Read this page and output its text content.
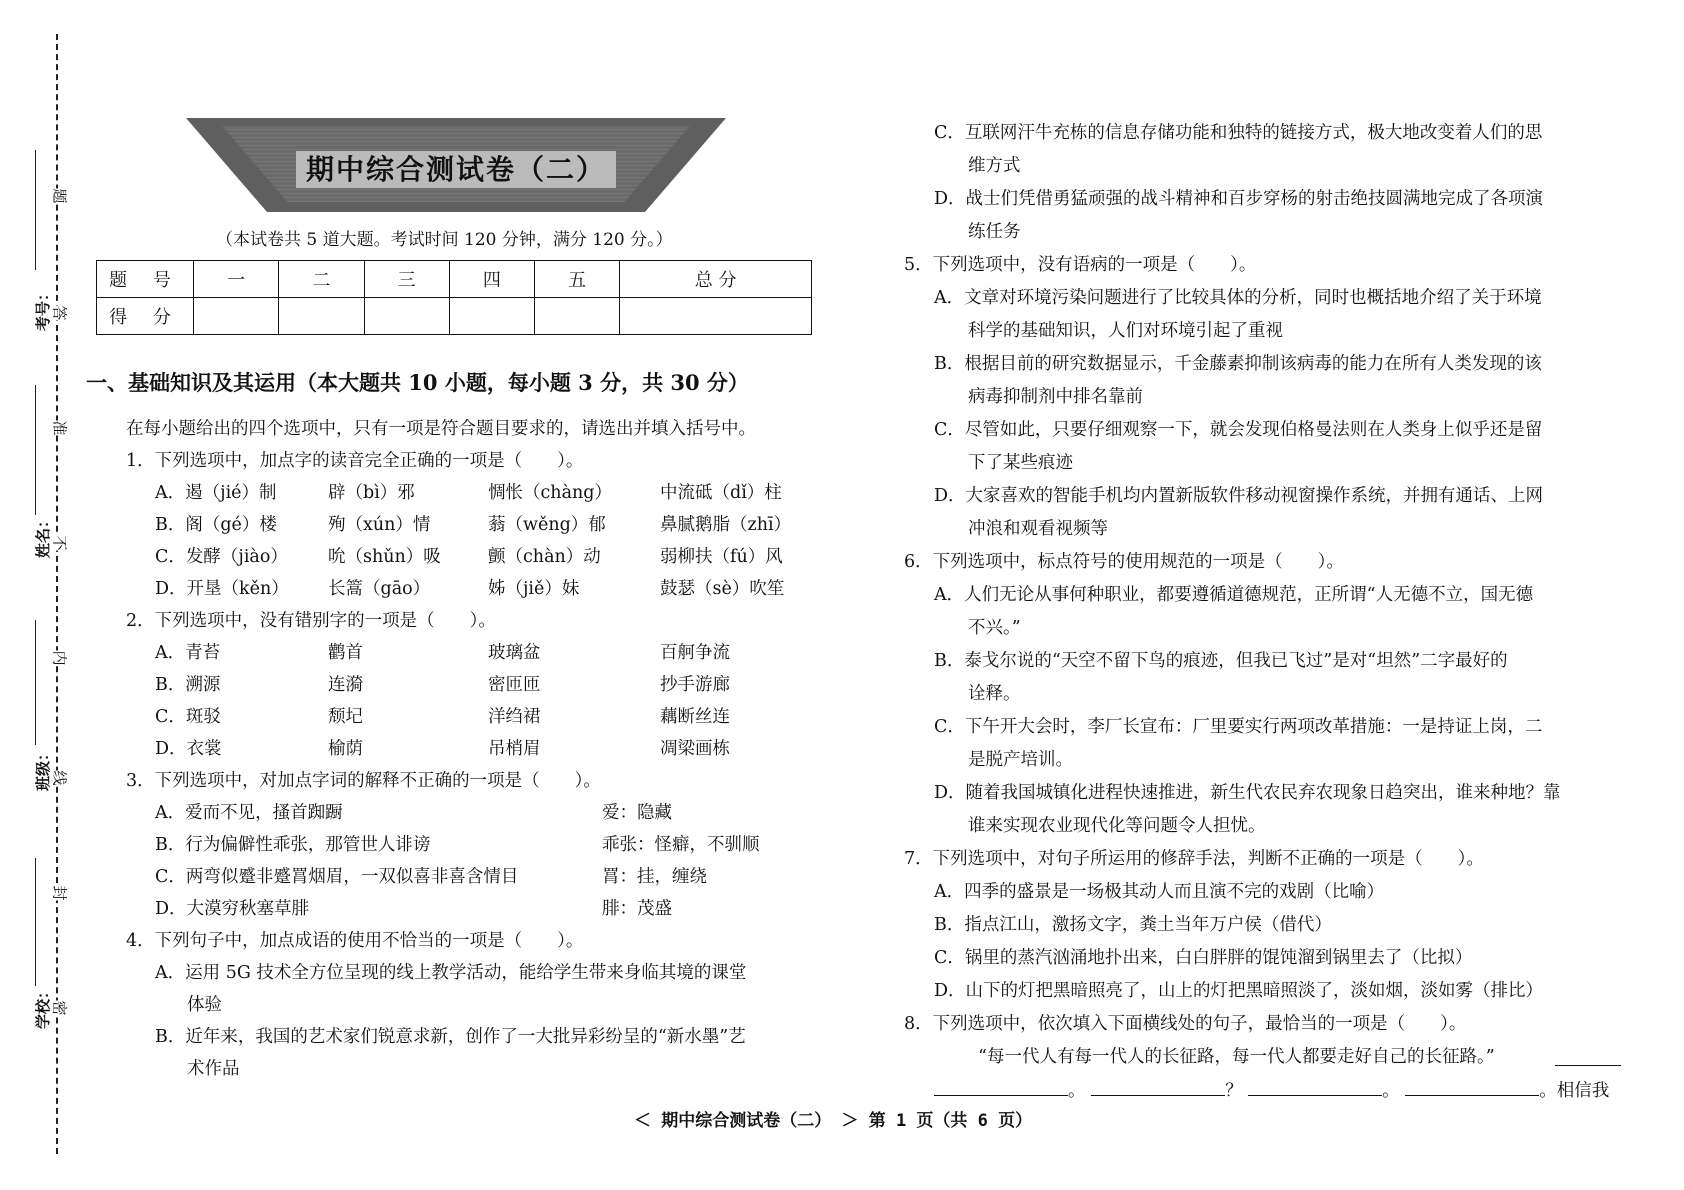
题
答
准
不
内
线
封
密
考号：
姓名：
班级：
学校：
期中综合测试卷（二）
（本试卷共 5 道大题。考试时间 120 分钟，满分 120 分。）
题 号	一	二	三	四	五	总 分
得 分						
一、基础知识及其运用（本大题共 10 小题，每小题 3 分，共 30 分）
在每小题给出的四个选项中，只有一项是符合题目要求的，请选出并填入括号中。
1．下列选项中，加点字的读音完全正确的一项是（　　）。
A．遏（jié）制	辟（bì）邪	惆怅（chàng）	中流砥（dǐ）柱
B．阁（gé）楼	殉（xún）情	蓊（wěng）郁	鼻腻鹅脂（zhī）
C．发酵（jiào） 吮（shǔn）吸	颤（chàn）动	弱柳扶（fú）风
D．开垦（kěn） 长篙（gāo）	姊（jiě）妹	鼓瑟（sè）吹笙
2．下列选项中，没有错别字的一项是（　　）。
A．青苔	鹳首	玻璃盆	百舸争流
B．溯源	连漪	密匝匝	抄手游廊
C．斑驳	颓圮	洋绉裙	藕断丝连
D．衣裳	榆荫	吊梢眉	凋梁画栋
3．下列选项中，对加点字词的解释不正确的一项是（　　）。
A．爱而不见，搔首踟蹰	爱：隐藏
B．行为偏僻性乖张，那管世人诽谤	乖张：怪癖，不驯顺
C．两弯似蹙非蹙罥烟眉，一双似喜非喜含情目	罥：挂，缠绕
D．大漠穷秋塞草腓	腓：茂盛
4．下列句子中，加点成语的使用不恰当的一项是（　　）。
A．运用 5G 技术全方位呈现的线上教学活动，能给学生带来身临其境的课堂
体验
B．近年来，我国的艺术家们锐意求新，创作了一大批异彩纷呈的“新水墨”艺
术作品
C．互联网汗牛充栋的信息存储功能和独特的链接方式，极大地改变着人们的思
维方式
D．战士们凭借勇猛顽强的战斗精神和百步穿杨的射击绝技圆满地完成了各项演
练任务
5．下列选项中，没有语病的一项是（　　）。
A．文章对环境污染问题进行了比较具体的分析，同时也概括地介绍了关于环境
科学的基础知识，人们对环境引起了重视
B．根据目前的研究数据显示，千金藤素抑制该病毒的能力在所有人类发现的该
病毒抑制剂中排名靠前
C．尽管如此，只要仔细观察一下，就会发现伯格曼法则在人类身上似乎还是留
下了某些痕迹
D．大家喜欢的智能手机均内置新版软件移动视窗操作系统，并拥有通话、上网
冲浪和观看视频等
6．下列选项中，标点符号的使用规范的一项是（　　）。
A．人们无论从事何种职业，都要遵循道德规范，正所谓“人无德不立，国无德
不兴。”
B．泰戈尔说的“天空不留下鸟的痕迹，但我已飞过”是对“坦然”二字最好的
诠释。
C．下午开大会时，李厂长宣布：厂里要实行两项改革措施：一是持证上岗，二
是脱产培训。
D．随着我国城镇化进程快速推进，新生代农民弃农现象日趋突出，谁来种地？靠
谁来实现农业现代化等问题令人担忧。
7．下列选项中，对句子所运用的修辞手法，判断不正确的一项是（　　）。
A．四季的盛景是一场极其动人而且演不完的戏剧（比喻）
B．指点江山，激扬文字，粪土当年万户侯（借代）
C．锅里的蒸汽汹涌地扑出来，白白胖胖的馄饨溜到锅里去了（比拟）
D．山下的灯把黑暗照亮了，山上的灯把黑暗照淡了，淡如烟，淡如雾（排比）
8．下列选项中，依次填入下面横线处的句子，最恰当的一项是（　　）。
“每一代人有每一代人的长征路，每一代人都要走好自己的长征路。”
。	？	。	。相信我
＜ 期中综合测试卷（二） ＞ 第 1 页（共 6 页）
